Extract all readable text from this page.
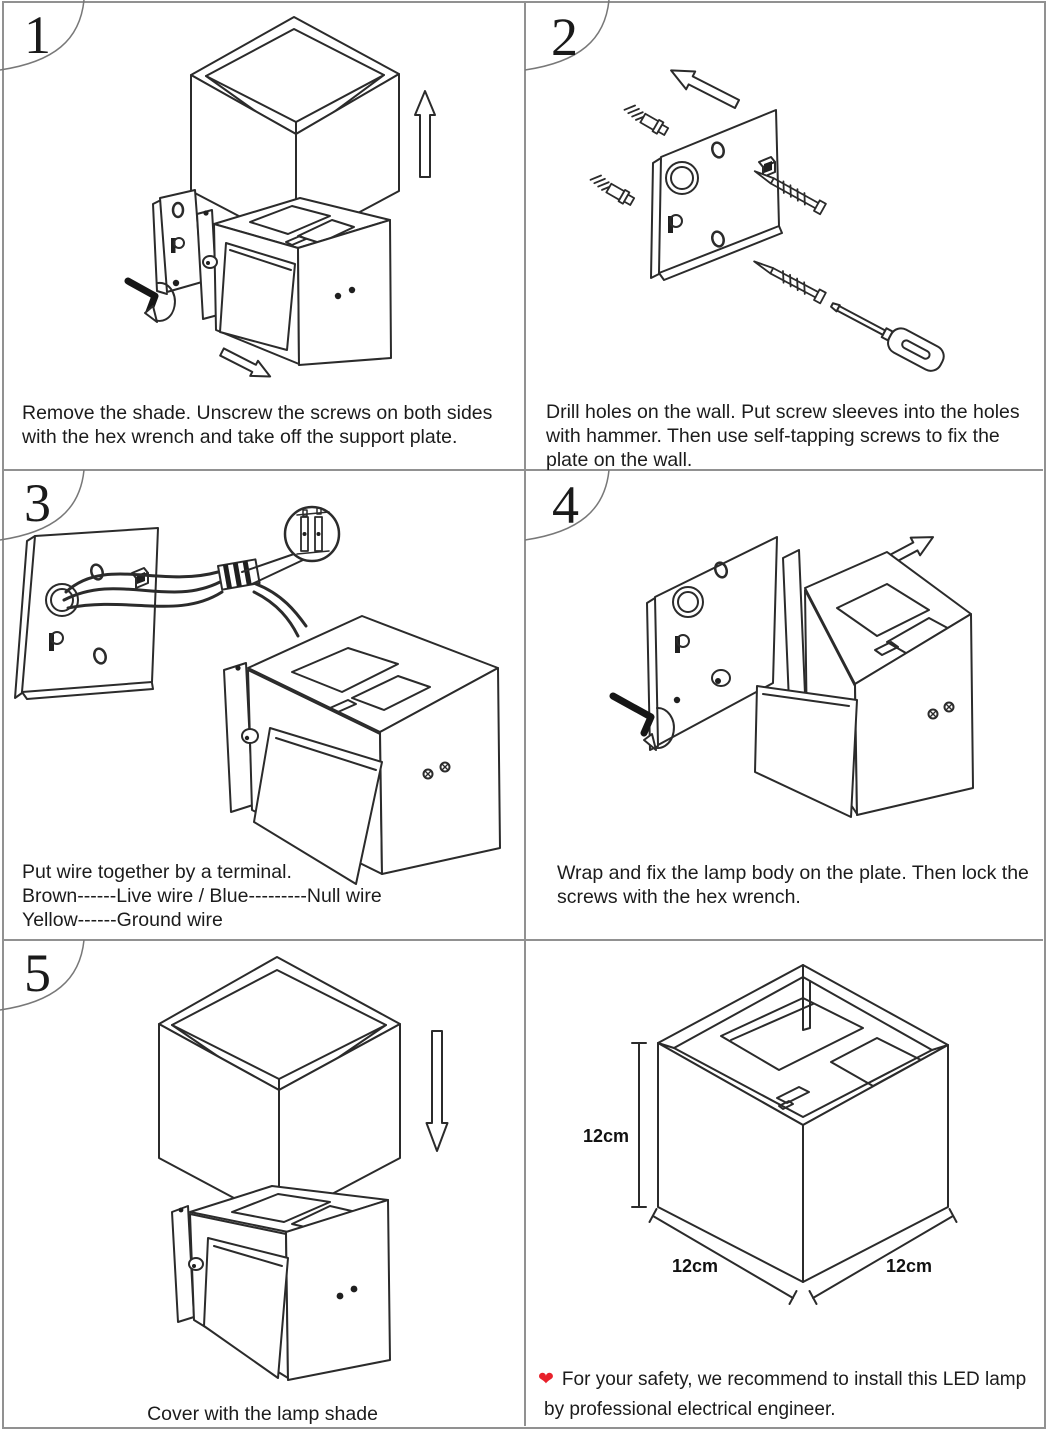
1
Remove the shade. Unscrew the screws on both sides
with the hex wrench and take off the support plate.
2
Drill holes on the wall. Put screw sleeves into the holes
with hammer. Then use self-tapping screws to fix the
plate on the wall.
3
Put wire together by a terminal.
Brown------Live wire / Blue---------Null wire
Yellow------Ground wire
4
Wrap and fix the lamp body on the plate. Then lock the
screws with the hex wrench.
5
Cover with the lamp shade
12cm
12cm	12cm
❤ For your safety, we recommend to install this LED lamp
by professional electrical engineer.
